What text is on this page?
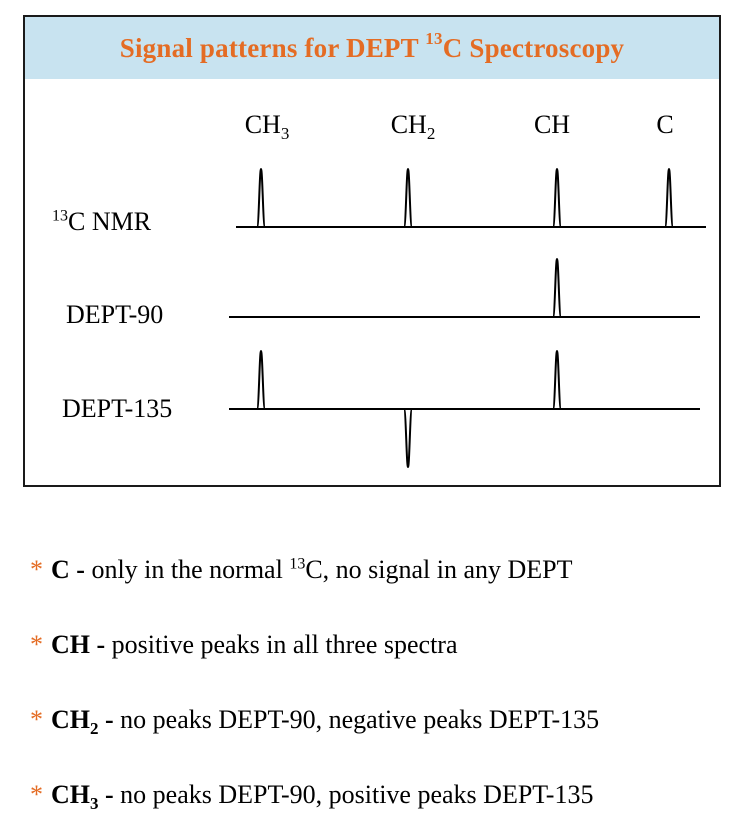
Signal patterns for DEPT $^{13}$C Spectroscopy
$CH_3$	$CH_2$	CH	C
$^{13}$C NMR
DEPT-90
DEPT-135
* C - only in the normal $^{13}$C, no signal in any DEPT
* CH - positive peaks in all three spectra
* $CH_2$ - no peaks DEPT-90, negative peaks DEPT-135
* $CH_3$ - no peaks DEPT-90, positive peaks DEPT-135
